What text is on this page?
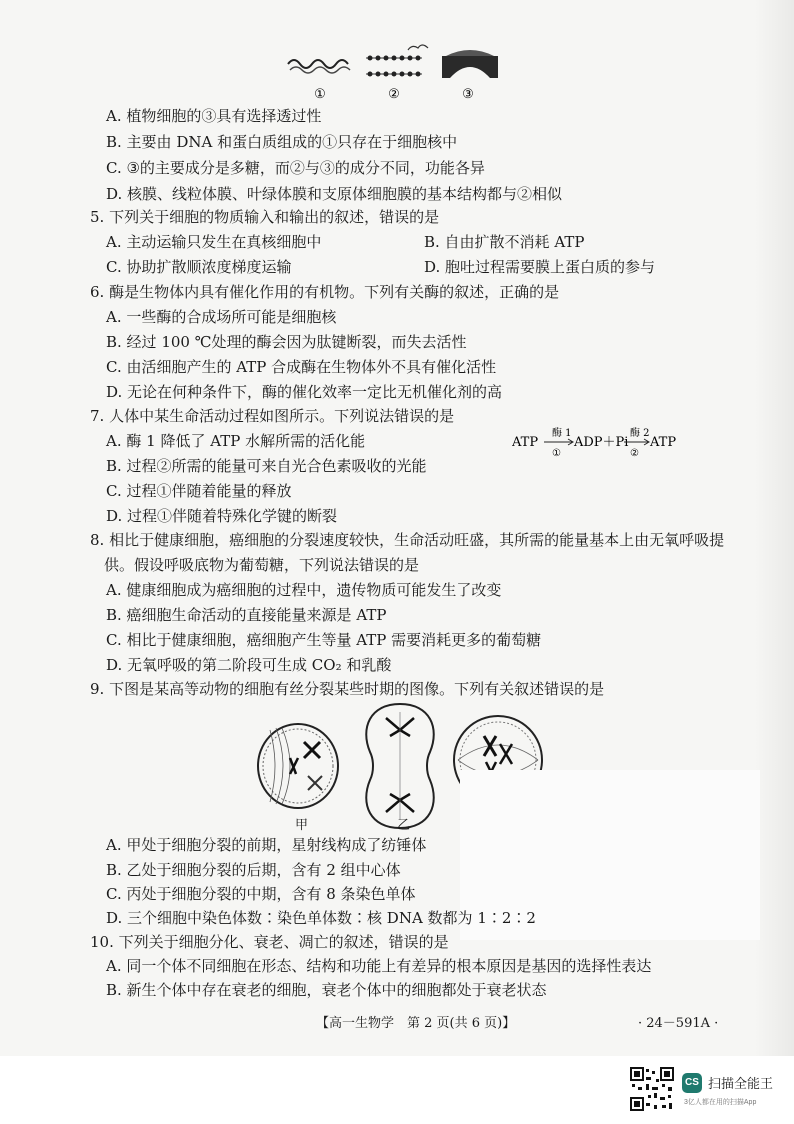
①	②	③
A. 植物细胞的③具有选择透过性
B. 主要由 DNA 和蛋白质组成的①只存在于细胞核中
C. ③的主要成分是多糖，而②与③的成分不同，功能各异
D. 核膜、线粒体膜、叶绿体膜和支原体细胞膜的基本结构都与②相似
5. 下列关于细胞的物质输入和输出的叙述，错误的是
A. 主动运输只发生在真核细胞中	B. 自由扩散不消耗 ATP
C. 协助扩散顺浓度梯度运输	D. 胞吐过程需要膜上蛋白质的参与
6. 酶是生物体内具有催化作用的有机物。下列有关酶的叙述，正确的是
A. 一些酶的合成场所可能是细胞核
B. 经过 100 ℃处理的酶会因为肽键断裂，而失去活性
C. 由活细胞产生的 ATP 合成酶在生物体外不具有催化活性
D. 无论在何种条件下，酶的催化效率一定比无机催化剂的高
7. 人体中某生命活动过程如图所示。下列说法错误的是
A. 酶 1 降低了 ATP 水解所需的活化能
B. 过程②所需的能量可来自光合色素吸收的光能
C. 过程①伴随着能量的释放
D. 过程①伴随着特殊化学键的断裂
ATP
酶 1
①
ADP＋Pi
酶 2
②
ATP
8. 相比于健康细胞，癌细胞的分裂速度较快，生命活动旺盛，其所需的能量基本上由无氧呼吸提
供。假设呼吸底物为葡萄糖，下列说法错误的是
A. 健康细胞成为癌细胞的过程中，遗传物质可能发生了改变
B. 癌细胞生命活动的直接能量来源是 ATP
C. 相比于健康细胞，癌细胞产生等量 ATP 需要消耗更多的葡萄糖
D. 无氧呼吸的第二阶段可生成 CO₂ 和乳酸
9. 下图是某高等动物的细胞有丝分裂某些时期的图像。下列有关叙述错误的是
甲	乙
A. 甲处于细胞分裂的前期，星射线构成了纺锤体
B. 乙处于细胞分裂的后期，含有 2 组中心体
C. 丙处于细胞分裂的中期，含有 8 条染色单体
D. 三个细胞中染色体数∶染色单体数∶核 DNA 数都为 1∶2∶2
10. 下列关于细胞分化、衰老、凋亡的叙述，错误的是
A. 同一个体不同细胞在形态、结构和功能上有差异的根本原因是基因的选择性表达
B. 新生个体中存在衰老的细胞，衰老个体中的细胞都处于衰老状态
【高一生物学　第 2 页(共 6 页)】	· 24－591A ·
CS 扫描全能王
3亿人都在用的扫描App
